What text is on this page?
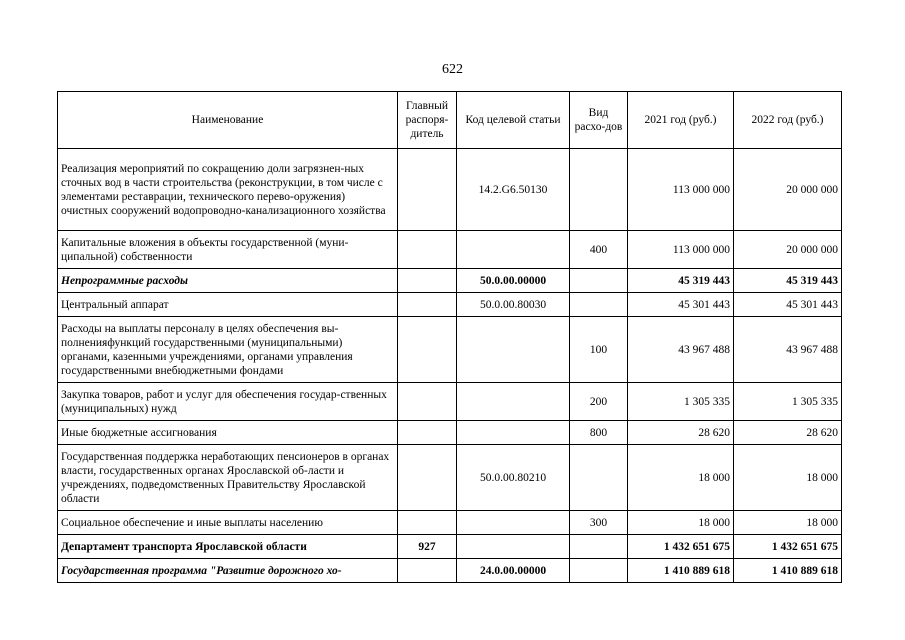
622
Наименование	Главный распоря-дитель	Код целевой статьи	Вид расхо-дов	2021 год (руб.)	2022 год (руб.)
Реализация мероприятий по сокращению доли загрязнен-ных сточных вод в части строительства (реконструкции, в том числе с элементами реставрации, технического перево-оружения) очистных сооружений водопроводно-канализационного хозяйства		14.2.G6.50130		113 000 000	20 000 000
Капитальные вложения в объекты государственной (муни-ципальной) собственности			400	113 000 000	20 000 000
Непрограммные расходы		50.0.00.00000		45 319 443	45 319 443
Центральный аппарат		50.0.00.80030		45 301 443	45 301 443
Расходы на выплаты персоналу в целях обеспечения вы-полненияфункций государственными (муниципальными) органами, казенными учреждениями, органами управления государственными внебюджетными фондами			100	43 967 488	43 967 488
Закупка товаров, работ и услуг для обеспечения государ-ственных (муниципальных) нужд			200	1 305 335	1 305 335
Иные бюджетные ассигнования			800	28 620	28 620
Государственная поддержка неработающих пенсионеров в органах власти, государственных органах Ярославской об-ласти и учреждениях, подведомственных Правительству Ярославской области		50.0.00.80210		18 000	18 000
Социальное обеспечение и иные выплаты населению			300	18 000	18 000
Департамент транспорта Ярославской области	927			1 432 651 675	1 432 651 675
Государственная программа "Развитие дорожного хо-		24.0.00.00000		1 410 889 618	1 410 889 618
